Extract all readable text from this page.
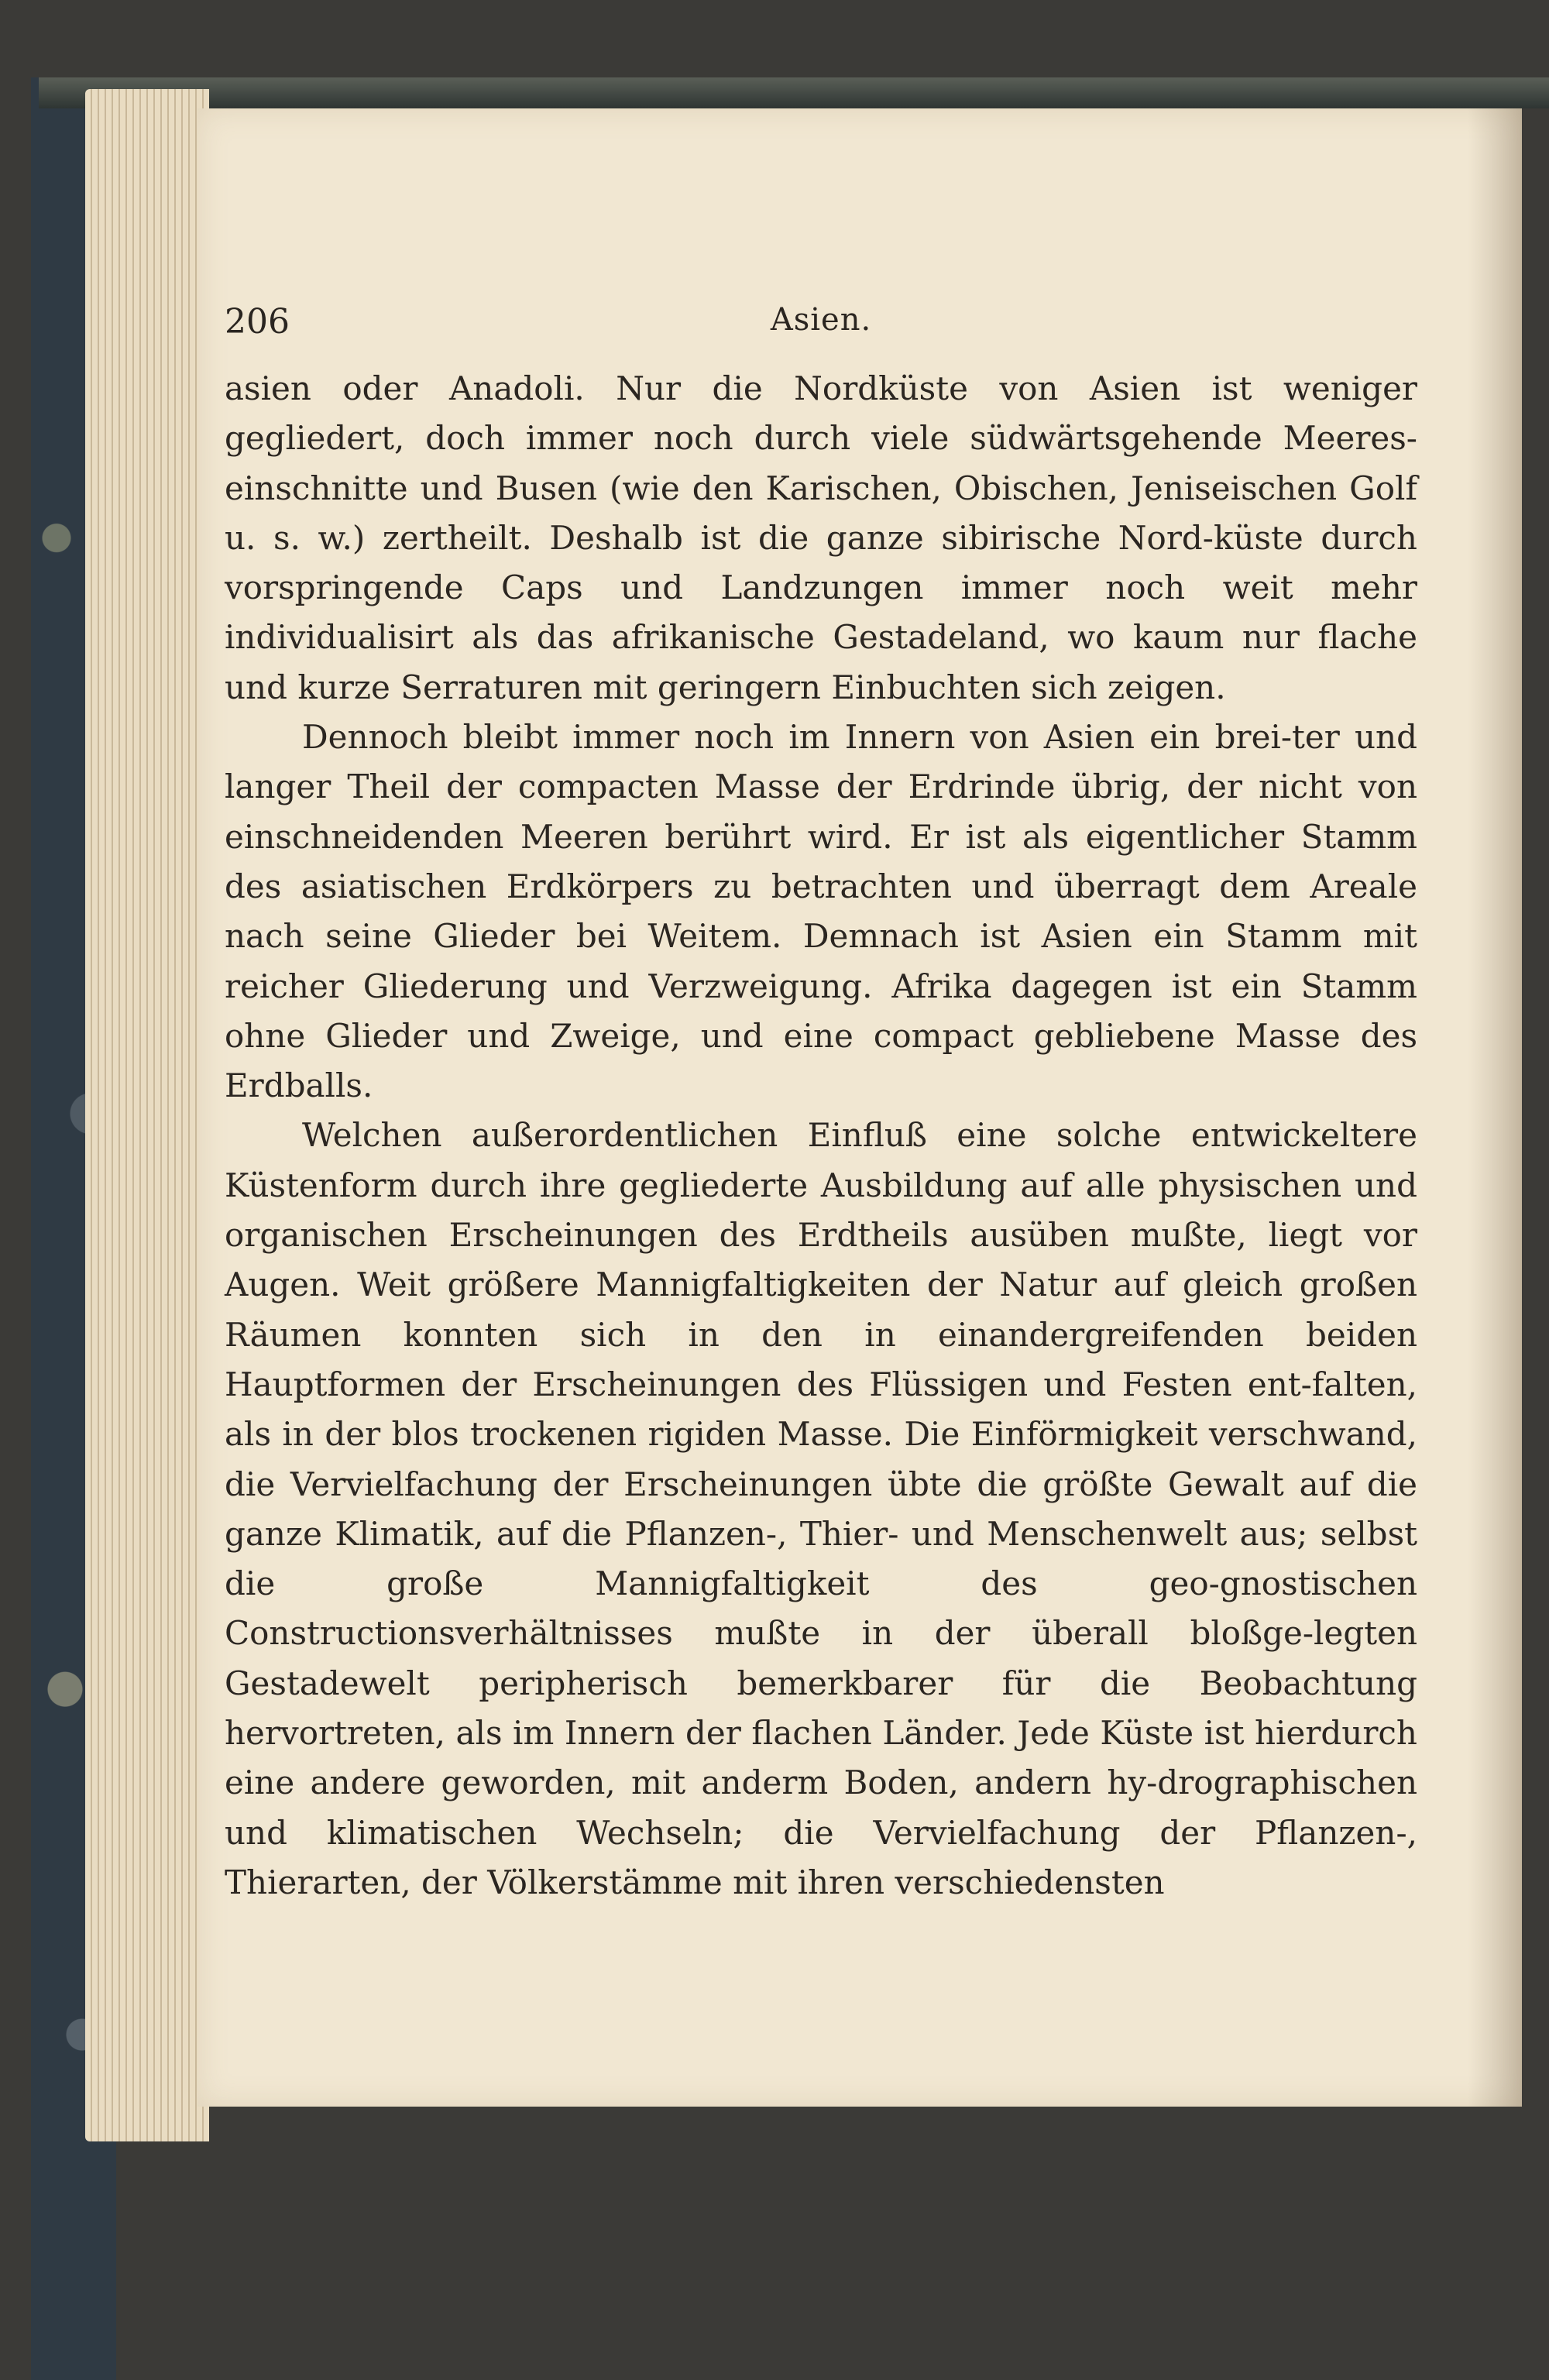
206	Asien.

asien oder Anadoli. Nur die Nordküste von Asien ist weniger gegliedert, doch immer noch durch viele südwärtsgehende Meeres-einschnitte und Busen (wie den Karischen, Obischen, Jeniseischen Golf u. s. w.) zertheilt. Deshalb ist die ganze sibirische Nord-küste durch vorspringende Caps und Landzungen immer noch weit mehr individualisirt als das afrikanische Gestadeland, wo kaum nur flache und kurze Serraturen mit geringern Einbuchten sich zeigen.

Dennoch bleibt immer noch im Innern von Asien ein brei-ter und langer Theil der compacten Masse der Erdrinde übrig, der nicht von einschneidenden Meeren berührt wird. Er ist als eigentlicher Stamm des asiatischen Erdkörpers zu betrachten und überragt dem Areale nach seine Glieder bei Weitem. Demnach ist Asien ein Stamm mit reicher Gliederung und Verzweigung. Afrika dagegen ist ein Stamm ohne Glieder und Zweige, und eine compact gebliebene Masse des Erdballs.

Welchen außerordentlichen Einfluß eine solche entwickeltere Küstenform durch ihre gegliederte Ausbildung auf alle physischen und organischen Erscheinungen des Erdtheils ausüben mußte, liegt vor Augen. Weit größere Mannigfaltigkeiten der Natur auf gleich großen Räumen konnten sich in den in einandergreifenden beiden Hauptformen der Erscheinungen des Flüssigen und Festen ent-falten, als in der blos trockenen rigiden Masse. Die Einförmigkeit verschwand, die Vervielfachung der Erscheinungen übte die größte Gewalt auf die ganze Klimatik, auf die Pflanzen-, Thier- und Menschenwelt aus; selbst die große Mannigfaltigkeit des geo-gnostischen Constructionsverhältnisses mußte in der überall bloßge-legten Gestadewelt peripherisch bemerkbarer für die Beobachtung hervortreten, als im Innern der flachen Länder. Jede Küste ist hierdurch eine andere geworden, mit anderm Boden, andern hy-drographischen und klimatischen Wechseln; die Vervielfachung der Pflanzen-, Thierarten, der Völkerstämme mit ihren verschiedensten
